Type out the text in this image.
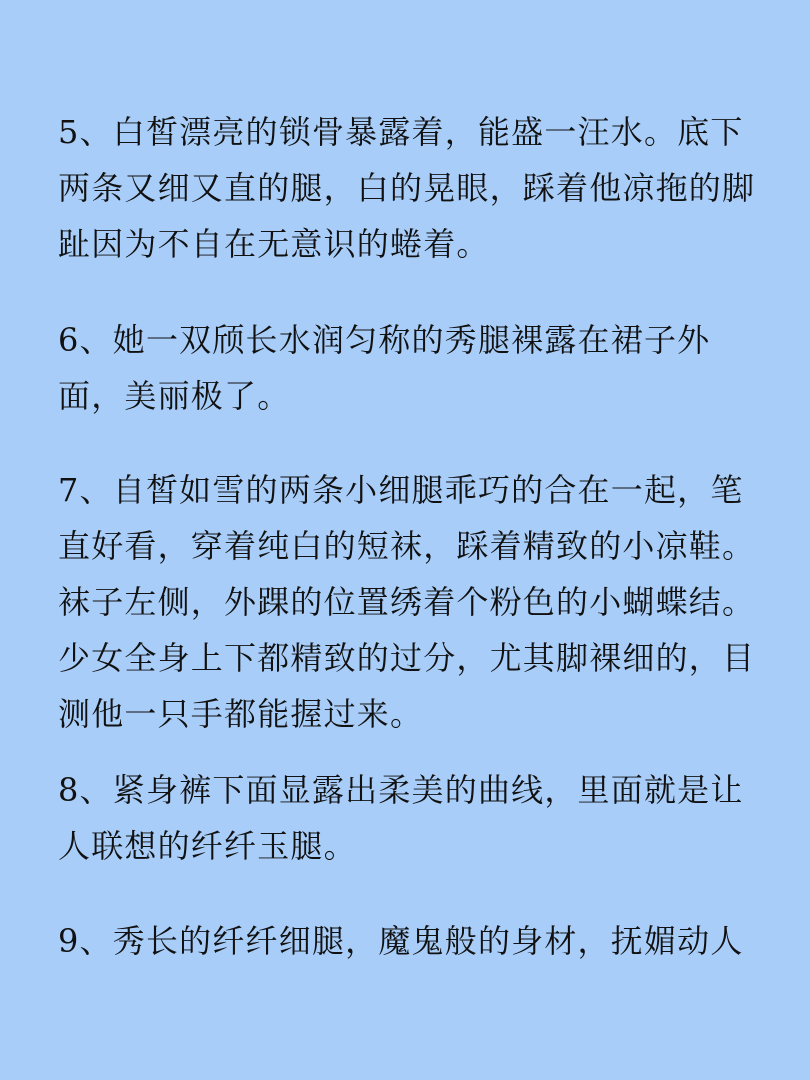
5、白皙漂亮的锁骨暴露着，能盛一汪水。底下两条又细又直的腿，白的晃眼，踩着他凉拖的脚趾因为不自在无意识的蜷着。

6、她一双颀长水润匀称的秀腿裸露在裙子外面，美丽极了。

7、自皙如雪的两条小细腿乖巧的合在一起，笔直好看，穿着纯白的短袜，踩着精致的小凉鞋。袜子左侧，外踝的位置绣着个粉色的小蝴蝶结。少女全身上下都精致的过分，尤其脚裸细的，目测他一只手都能握过来。

8、紧身裤下面显露出柔美的曲线，里面就是让人联想的纤纤玉腿。

9、秀长的纤纤细腿，魔鬼般的身材，抚媚动人
